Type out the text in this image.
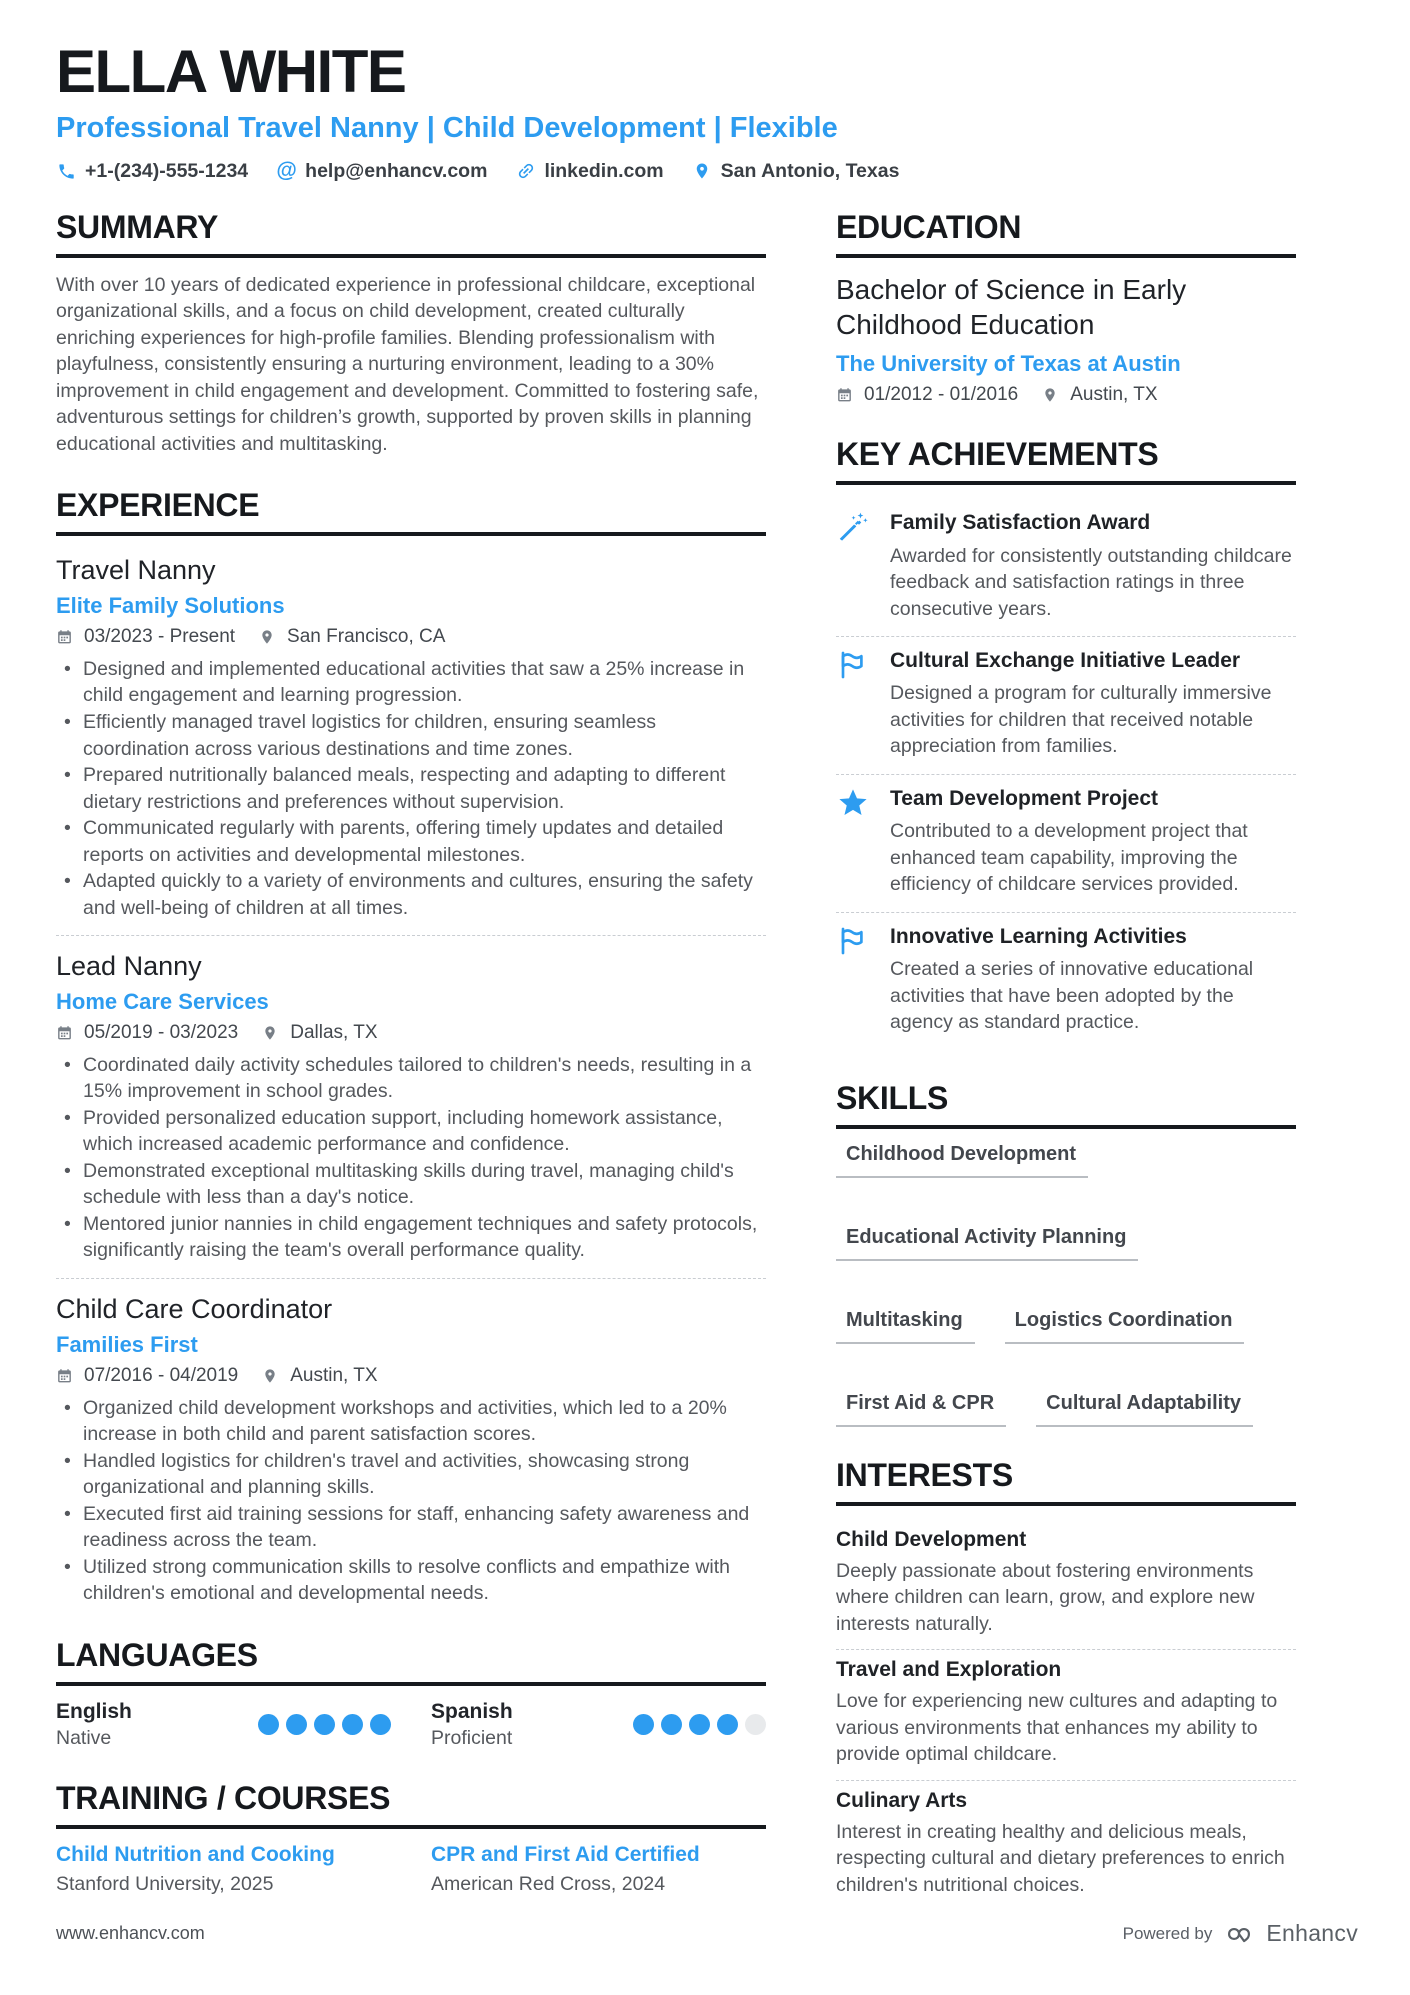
ELLA WHITE
Professional Travel Nanny | Child Development | Flexible
+1-(234)-555-1234 @ help@enhancv.com	linkedin.com	San Antonio, Texas
SUMMARY
With over 10 years of dedicated experience in professional childcare, exceptional organizational skills, and a focus on child development, created culturally enriching experiences for high-profile families. Blending professionalism with playfulness, consistently ensuring a nurturing environment, leading to a 30% improvement in child engagement and development. Committed to fostering safe, adventurous settings for children’s growth, supported by proven skills in planning educational activities and multitasking.
EXPERIENCE
Travel Nanny
Elite Family Solutions
03/2023 - Present	San Francisco, CA
• Designed and implemented educational activities that saw a 25% increase in child engagement and learning progression.
• Efficiently managed travel logistics for children, ensuring seamless coordination across various destinations and time zones.
• Prepared nutritionally balanced meals, respecting and adapting to different dietary restrictions and preferences without supervision.
• Communicated regularly with parents, offering timely updates and detailed reports on activities and developmental milestones.
• Adapted quickly to a variety of environments and cultures, ensuring the safety and well-being of children at all times.
Lead Nanny
Home Care Services
05/2019 - 03/2023	Dallas, TX
• Coordinated daily activity schedules tailored to children's needs, resulting in a 15% improvement in school grades.
• Provided personalized education support, including homework assistance, which increased academic performance and confidence.
• Demonstrated exceptional multitasking skills during travel, managing child's schedule with less than a day's notice.
• Mentored junior nannies in child engagement techniques and safety protocols, significantly raising the team's overall performance quality.
Child Care Coordinator
Families First
07/2016 - 04/2019	Austin, TX
• Organized child development workshops and activities, which led to a 20% increase in both child and parent satisfaction scores.
• Handled logistics for children's travel and activities, showcasing strong organizational and planning skills.
• Executed first aid training sessions for staff, enhancing safety awareness and readiness across the team.
• Utilized strong communication skills to resolve conflicts and empathize with children's emotional and developmental needs.
LANGUAGES
English
Native
Spanish
Proficient
TRAINING / COURSES
Child Nutrition and Cooking
Stanford University, 2025
CPR and First Aid Certified
American Red Cross, 2024
EDUCATION
Bachelor of Science in Early Childhood Education
The University of Texas at Austin
01/2012 - 01/2016	Austin, TX
KEY ACHIEVEMENTS
Family Satisfaction Award
Awarded for consistently outstanding childcare feedback and satisfaction ratings in three consecutive years.
Cultural Exchange Initiative Leader
Designed a program for culturally immersive activities for children that received notable appreciation from families.
Team Development Project
Contributed to a development project that enhanced team capability, improving the efficiency of childcare services provided.
Innovative Learning Activities
Created a series of innovative educational activities that have been adopted by the agency as standard practice.
SKILLS
Childhood Development
Educational Activity Planning
Multitasking	Logistics Coordination
First Aid & CPR	Cultural Adaptability
INTERESTS
Child Development
Deeply passionate about fostering environments where children can learn, grow, and explore new interests naturally.
Travel and Exploration
Love for experiencing new cultures and adapting to various environments that enhances my ability to provide optimal childcare.
Culinary Arts
Interest in creating healthy and delicious meals, respecting cultural and dietary preferences to enrich children's nutritional choices.
www.enhancv.com	Powered by Enhancv
